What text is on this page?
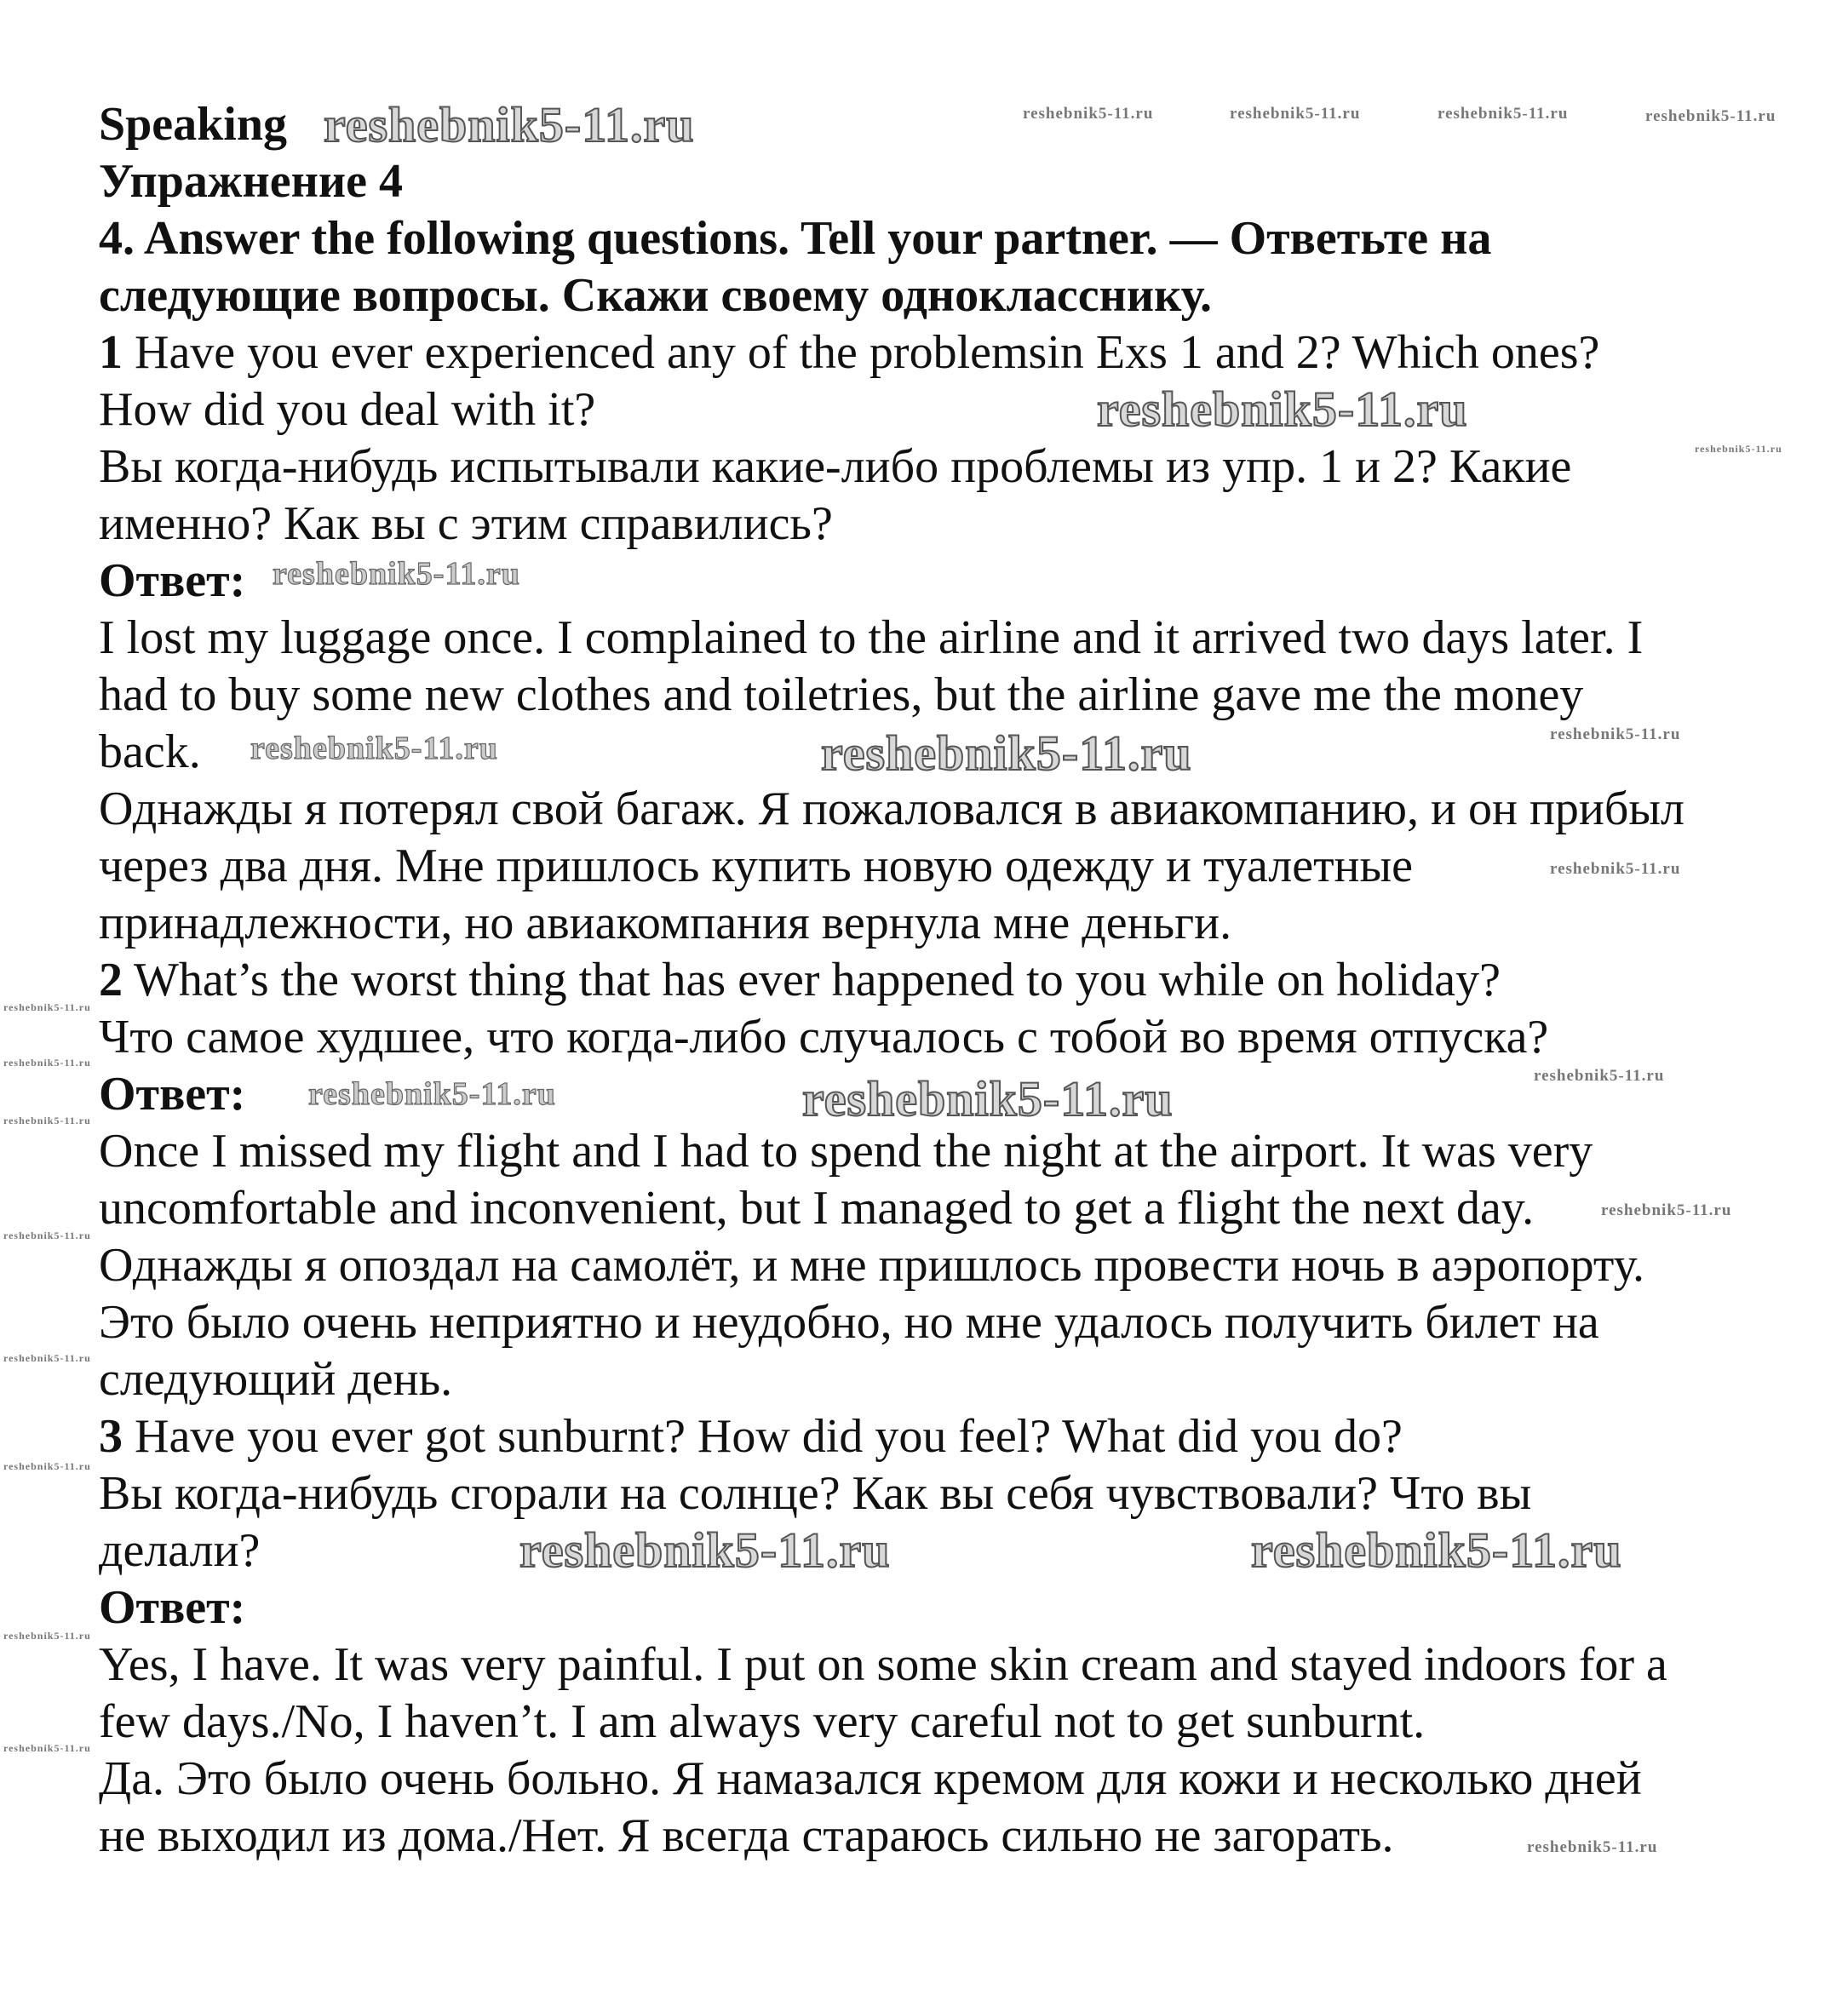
Speaking
Упражнение 4
4. Answer the following questions. Tell your partner. — Ответьте на
следующие вопросы. Скажи своему однокласснику.
1 Have you ever experienced any of the problemsin Exs 1 and 2? Which ones?
How did you deal with it?
Вы когда-нибудь испытывали какие-либо проблемы из упр. 1 и 2? Какие
именно? Как вы с этим справились?
Ответ:
I lost my luggage once. I complained to the airline and it arrived two days later. I
had to buy some new clothes and toiletries, but the airline gave me the money
back.
Однажды я потерял свой багаж. Я пожаловался в авиакомпанию, и он прибыл
через два дня. Мне пришлось купить новую одежду и туалетные
принадлежности, но авиакомпания вернула мне деньги.
2 What’s the worst thing that has ever happened to you while on holiday?
Что самое худшее, что когда-либо случалось с тобой во время отпуска?
Ответ:
Once I missed my flight and I had to spend the night at the airport. It was very
uncomfortable and inconvenient, but I managed to get a flight the next day.
Однажды я опоздал на самолёт, и мне пришлось провести ночь в аэропорту.
Это было очень неприятно и неудобно, но мне удалось получить билет на
следующий день.
3 Have you ever got sunburnt? How did you feel? What did you do?
Вы когда-нибудь сгорали на солнце? Как вы себя чувствовали? Что вы
делали?
Ответ:
Yes, I have. It was very painful. I put on some skin cream and stayed indoors for a
few days./No, I haven’t. I am always very careful not to get sunburnt.
Да. Это было очень больно. Я намазался кремом для кожи и несколько дней
не выходил из дома./Нет. Я всегда стараюсь сильно не загорать.
reshebnik5-11.ru
reshebnik5-11.ru
reshebnik5-11.ru
reshebnik5-11.ru
reshebnik5-11.ru	reshebnik5-11.ru
reshebnik5-11.ru
reshebnik5-11.ru
reshebnik5-11.ru
reshebnik5-11.ru	reshebnik5-11.ru	reshebnik5-11.ru	reshebnik5-11.ru
reshebnik5-11.ru
reshebnik5-11.ru
reshebnik5-11.ru
reshebnik5-11.ru
reshebnik5-11.ru
reshebnik5-11.ru
reshebnik5-11.ru
reshebnik5-11.ru
reshebnik5-11.ru
reshebnik5-11.ru
reshebnik5-11.ru
reshebnik5-11.ru
reshebnik5-11.ru
reshebnik5-11.ru
